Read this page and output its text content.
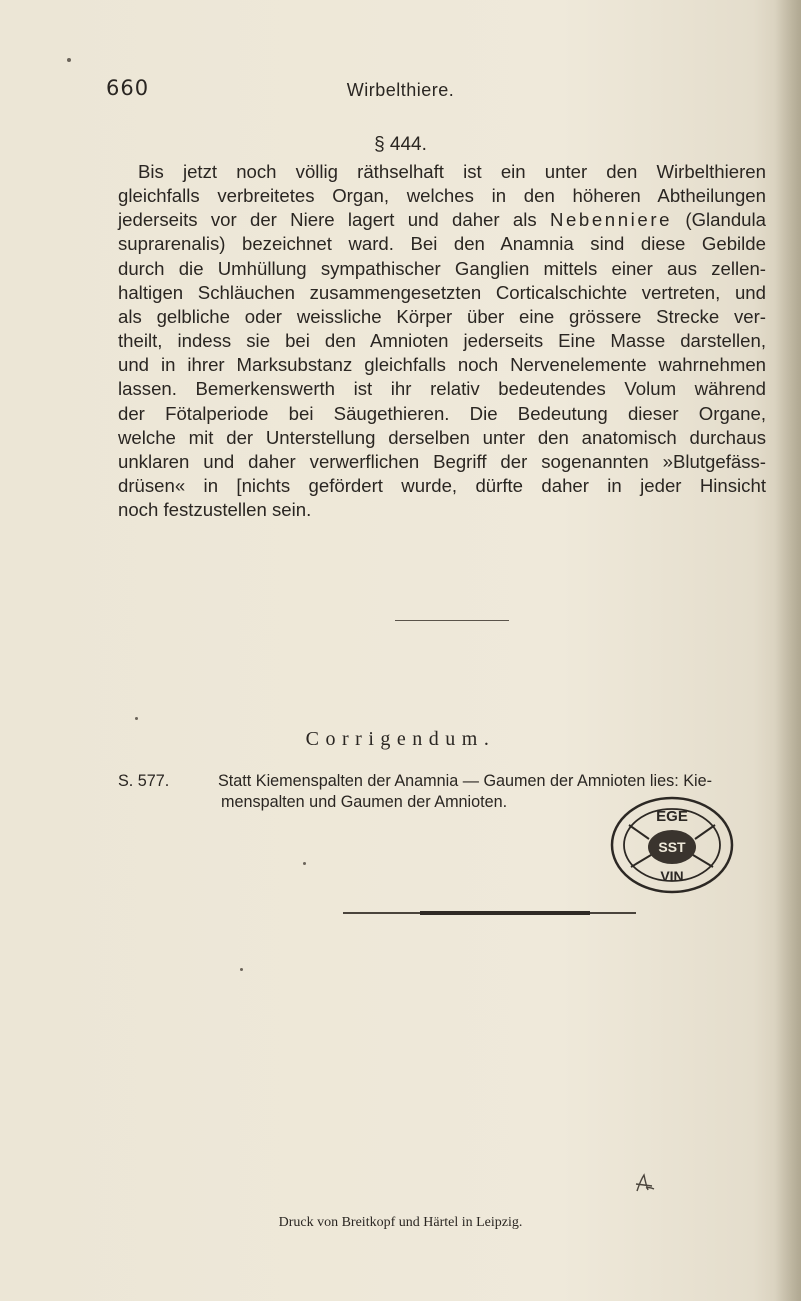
660	Wirbelthiere.
§ 444.
Bis jetzt noch völlig räthselhaft ist ein unter den Wirbelthieren
gleichfalls verbreitetes Organ, welches in den höheren Abtheilungen
jederseits vor der Niere lagert und daher als Nebenniere (Glandula
suprarenalis) bezeichnet ward. Bei den Anamnia sind diese Gebilde
durch die Umhüllung sympathischer Ganglien mittels einer aus zellen-
haltigen Schläuchen zusammengesetzten Corticalschichte vertreten, und
als gelbliche oder weissliche Körper über eine grössere Strecke ver-
theilt, indess sie bei den Amnioten jederseits Eine Masse darstellen,
und in ihrer Marksubstanz gleichfalls noch Nervenelemente wahrnehmen
lassen. Bemerkenswerth ist ihr relativ bedeutendes Volum während
der Fötalperiode bei Säugethieren. Die Bedeutung dieser Organe,
welche mit der Unterstellung derselben unter den anatomisch durchaus
unklaren und daher verwerflichen Begriff der sogenannten »Blutgefäss-
drüsen« in [nichts gefördert wurde, dürfte daher in jeder Hinsicht
noch festzustellen sein.
Corrigendum.
S. 577.	Statt Kiemenspalten der Anamnia — Gaumen der Amnioten lies: Kie-
menspalten und Gaumen der Amnioten.
EGE
SST
VIN
Druck von Breitkopf und Härtel in Leipzig.
